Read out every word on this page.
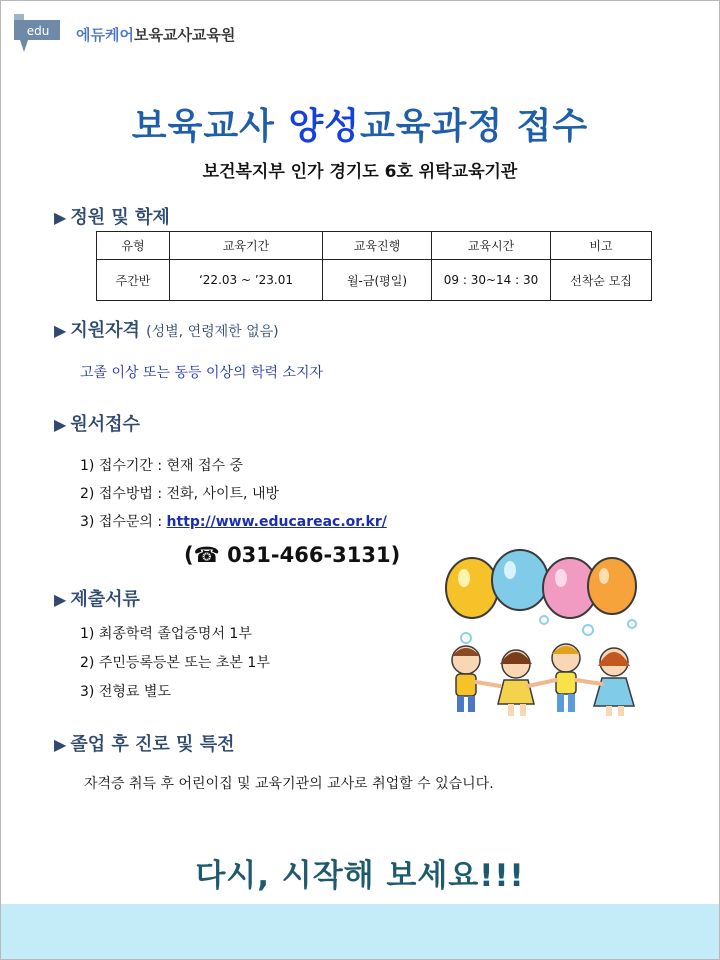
edu 에듀케어보육교사교육원
보육교사 양성교육과정 접수
보건복지부 인가 경기도 6호 위탁교육기관
▶ 정원 및 학제
유형	교육기간	교육진행	교육시간	비고
주간반	‘22.03 ~ ’23.01	월-금(평일)	09 : 30~14 : 30	선착순 모집
▶ 지원자격 (성별, 연령제한 없음)
고졸 이상 또는 동등 이상의 학력 소지자
▶ 원서접수
1) 접수기간 : 현재 접수 중
2) 접수방법 : 전화, 사이트, 내방
3) 접수문의 : http://www.educareac.or.kr/
(☎ 031-466-3131)
▶ 제출서류
1) 최종학력 졸업증명서 1부
2) 주민등록등본 또는 초본 1부
3) 전형료 별도
▶ 졸업 후 진로 및 특전
자격증 취득 후 어린이집 및 교육기관의 교사로 취업할 수 있습니다.
다시, 시작해 보세요!!!
